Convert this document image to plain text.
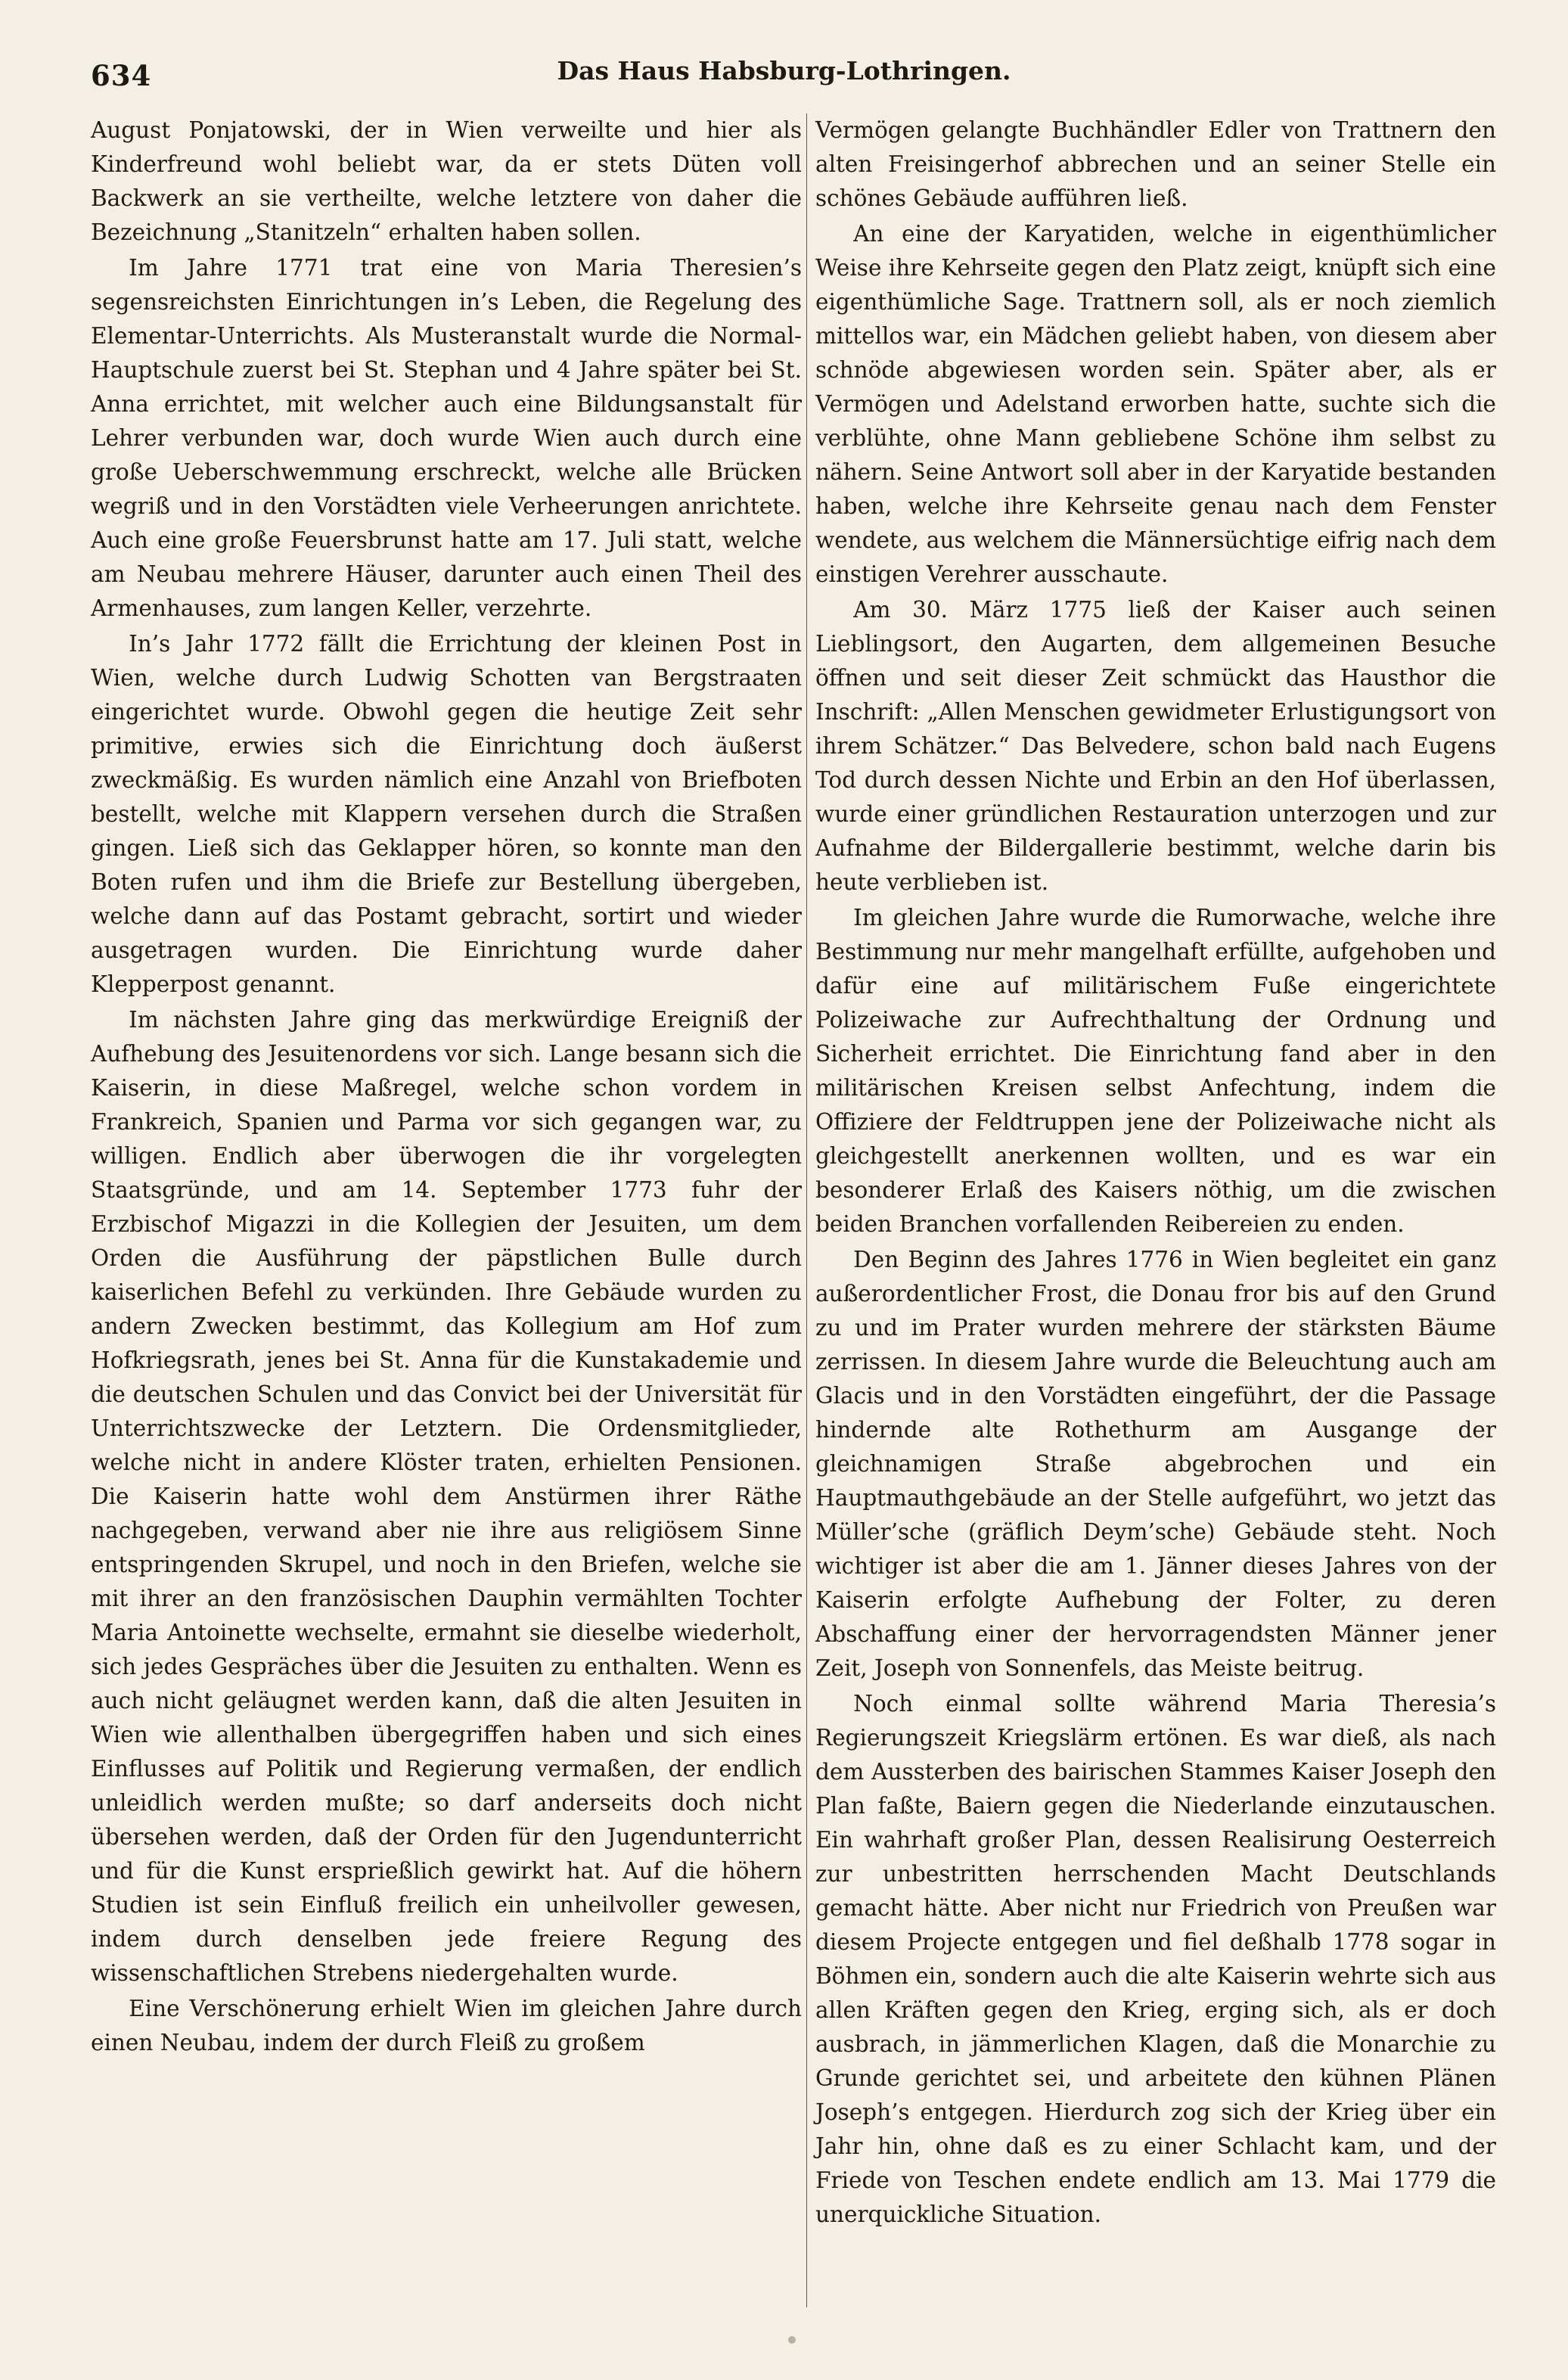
634	Das Haus Habsburg-Lothringen.

August Ponjatowski, der in Wien verweilte und hier als Kinderfreund wohl beliebt war, da er stets Düten voll Backwerk an sie vertheilte, welche letztere von daher die Bezeichnung „Stanitzeln“ erhalten haben sollen.

Im Jahre 1771 trat eine von Maria Theresien’s segensreichsten Einrichtungen in’s Leben, die Regelung des Elementar-Unterrichts. Als Musteranstalt wurde die Normal-Hauptschule zuerst bei St. Stephan und 4 Jahre später bei St. Anna errichtet, mit welcher auch eine Bildungsanstalt für Lehrer verbunden war, doch wurde Wien auch durch eine große Ueberschwemmung erschreckt, welche alle Brücken wegriß und in den Vorstädten viele Verheerungen anrichtete. Auch eine große Feuersbrunst hatte am 17. Juli statt, welche am Neubau mehrere Häuser, darunter auch einen Theil des Armenhauses, zum langen Keller, verzehrte.

In’s Jahr 1772 fällt die Errichtung der kleinen Post in Wien, welche durch Ludwig Schotten van Bergstraaten eingerichtet wurde. Obwohl gegen die heutige Zeit sehr primitive, erwies sich die Einrichtung doch äußerst zweckmäßig. Es wurden nämlich eine Anzahl von Briefboten bestellt, welche mit Klappern versehen durch die Straßen gingen. Ließ sich das Geklapper hören, so konnte man den Boten rufen und ihm die Briefe zur Bestellung übergeben, welche dann auf das Postamt gebracht, sortirt und wieder ausgetragen wurden. Die Einrichtung wurde daher Klepperpost genannt.

Im nächsten Jahre ging das merkwürdige Ereigniß der Aufhebung des Jesuitenordens vor sich. Lange besann sich die Kaiserin, in diese Maßregel, welche schon vordem in Frankreich, Spanien und Parma vor sich gegangen war, zu willigen. Endlich aber überwogen die ihr vorgelegten Staatsgründe, und am 14. September 1773 fuhr der Erzbischof Migazzi in die Kollegien der Jesuiten, um dem Orden die Ausführung der päpstlichen Bulle durch kaiserlichen Befehl zu verkünden. Ihre Gebäude wurden zu andern Zwecken bestimmt, das Kollegium am Hof zum Hofkriegsrath, jenes bei St. Anna für die Kunstakademie und die deutschen Schulen und das Convict bei der Universität für Unterrichtszwecke der Letztern. Die Ordensmitglieder, welche nicht in andere Klöster traten, erhielten Pensionen. Die Kaiserin hatte wohl dem Anstürmen ihrer Räthe nachgegeben, verwand aber nie ihre aus religiösem Sinne entspringenden Skrupel, und noch in den Briefen, welche sie mit ihrer an den französischen Dauphin vermählten Tochter Maria Antoinette wechselte, ermahnt sie dieselbe wiederholt, sich jedes Gespräches über die Jesuiten zu enthalten. Wenn es auch nicht geläugnet werden kann, daß die alten Jesuiten in Wien wie allenthalben übergegriffen haben und sich eines Einflusses auf Politik und Regierung vermaßen, der endlich unleidlich werden mußte; so darf anderseits doch nicht übersehen werden, daß der Orden für den Jugendunterricht und für die Kunst ersprießlich gewirkt hat. Auf die höhern Studien ist sein Einfluß freilich ein unheilvoller gewesen, indem durch denselben jede freiere Regung des wissenschaftlichen Strebens niedergehalten wurde.

Eine Verschönerung erhielt Wien im gleichen Jahre durch einen Neubau, indem der durch Fleiß zu großem

Vermögen gelangte Buchhändler Edler von Trattnern den alten Freisingerhof abbrechen und an seiner Stelle ein schönes Gebäude aufführen ließ.

An eine der Karyatiden, welche in eigenthümlicher Weise ihre Kehrseite gegen den Platz zeigt, knüpft sich eine eigenthümliche Sage. Trattnern soll, als er noch ziemlich mittellos war, ein Mädchen geliebt haben, von diesem aber schnöde abgewiesen worden sein. Später aber, als er Vermögen und Adelstand erworben hatte, suchte sich die verblühte, ohne Mann gebliebene Schöne ihm selbst zu nähern. Seine Antwort soll aber in der Karyatide bestanden haben, welche ihre Kehrseite genau nach dem Fenster wendete, aus welchem die Männersüchtige eifrig nach dem einstigen Verehrer ausschaute.

Am 30. März 1775 ließ der Kaiser auch seinen Lieblingsort, den Augarten, dem allgemeinen Besuche öffnen und seit dieser Zeit schmückt das Hausthor die Inschrift: „Allen Menschen gewidmeter Erlustigungsort von ihrem Schätzer.“ Das Belvedere, schon bald nach Eugens Tod durch dessen Nichte und Erbin an den Hof überlassen, wurde einer gründlichen Restauration unterzogen und zur Aufnahme der Bildergallerie bestimmt, welche darin bis heute verblieben ist.

Im gleichen Jahre wurde die Rumorwache, welche ihre Bestimmung nur mehr mangelhaft erfüllte, aufgehoben und dafür eine auf militärischem Fuße eingerichtete Polizeiwache zur Aufrechthaltung der Ordnung und Sicherheit errichtet. Die Einrichtung fand aber in den militärischen Kreisen selbst Anfechtung, indem die Offiziere der Feldtruppen jene der Polizeiwache nicht als gleichgestellt anerkennen wollten, und es war ein besonderer Erlaß des Kaisers nöthig, um die zwischen beiden Branchen vorfallenden Reibereien zu enden.

Den Beginn des Jahres 1776 in Wien begleitet ein ganz außerordentlicher Frost, die Donau fror bis auf den Grund zu und im Prater wurden mehrere der stärksten Bäume zerrissen. In diesem Jahre wurde die Beleuchtung auch am Glacis und in den Vorstädten eingeführt, der die Passage hindernde alte Rothethurm am Ausgange der gleichnamigen Straße abgebrochen und ein Hauptmauthgebäude an der Stelle aufgeführt, wo jetzt das Müller’sche (gräflich Deym’sche) Gebäude steht. Noch wichtiger ist aber die am 1. Jänner dieses Jahres von der Kaiserin erfolgte Aufhebung der Folter, zu deren Abschaffung einer der hervorragendsten Männer jener Zeit, Joseph von Sonnenfels, das Meiste beitrug.

Noch einmal sollte während Maria Theresia’s Regierungszeit Kriegslärm ertönen. Es war dieß, als nach dem Aussterben des bairischen Stammes Kaiser Joseph den Plan faßte, Baiern gegen die Niederlande einzutauschen. Ein wahrhaft großer Plan, dessen Realisirung Oesterreich zur unbestritten herrschenden Macht Deutschlands gemacht hätte. Aber nicht nur Friedrich von Preußen war diesem Projecte entgegen und fiel deßhalb 1778 sogar in Böhmen ein, sondern auch die alte Kaiserin wehrte sich aus allen Kräften gegen den Krieg, erging sich, als er doch ausbrach, in jämmerlichen Klagen, daß die Monarchie zu Grunde gerichtet sei, und arbeitete den kühnen Plänen Joseph’s entgegen. Hierdurch zog sich der Krieg über ein Jahr hin, ohne daß es zu einer Schlacht kam, und der Friede von Teschen endete endlich am 13. Mai 1779 die unerquickliche Situation.
